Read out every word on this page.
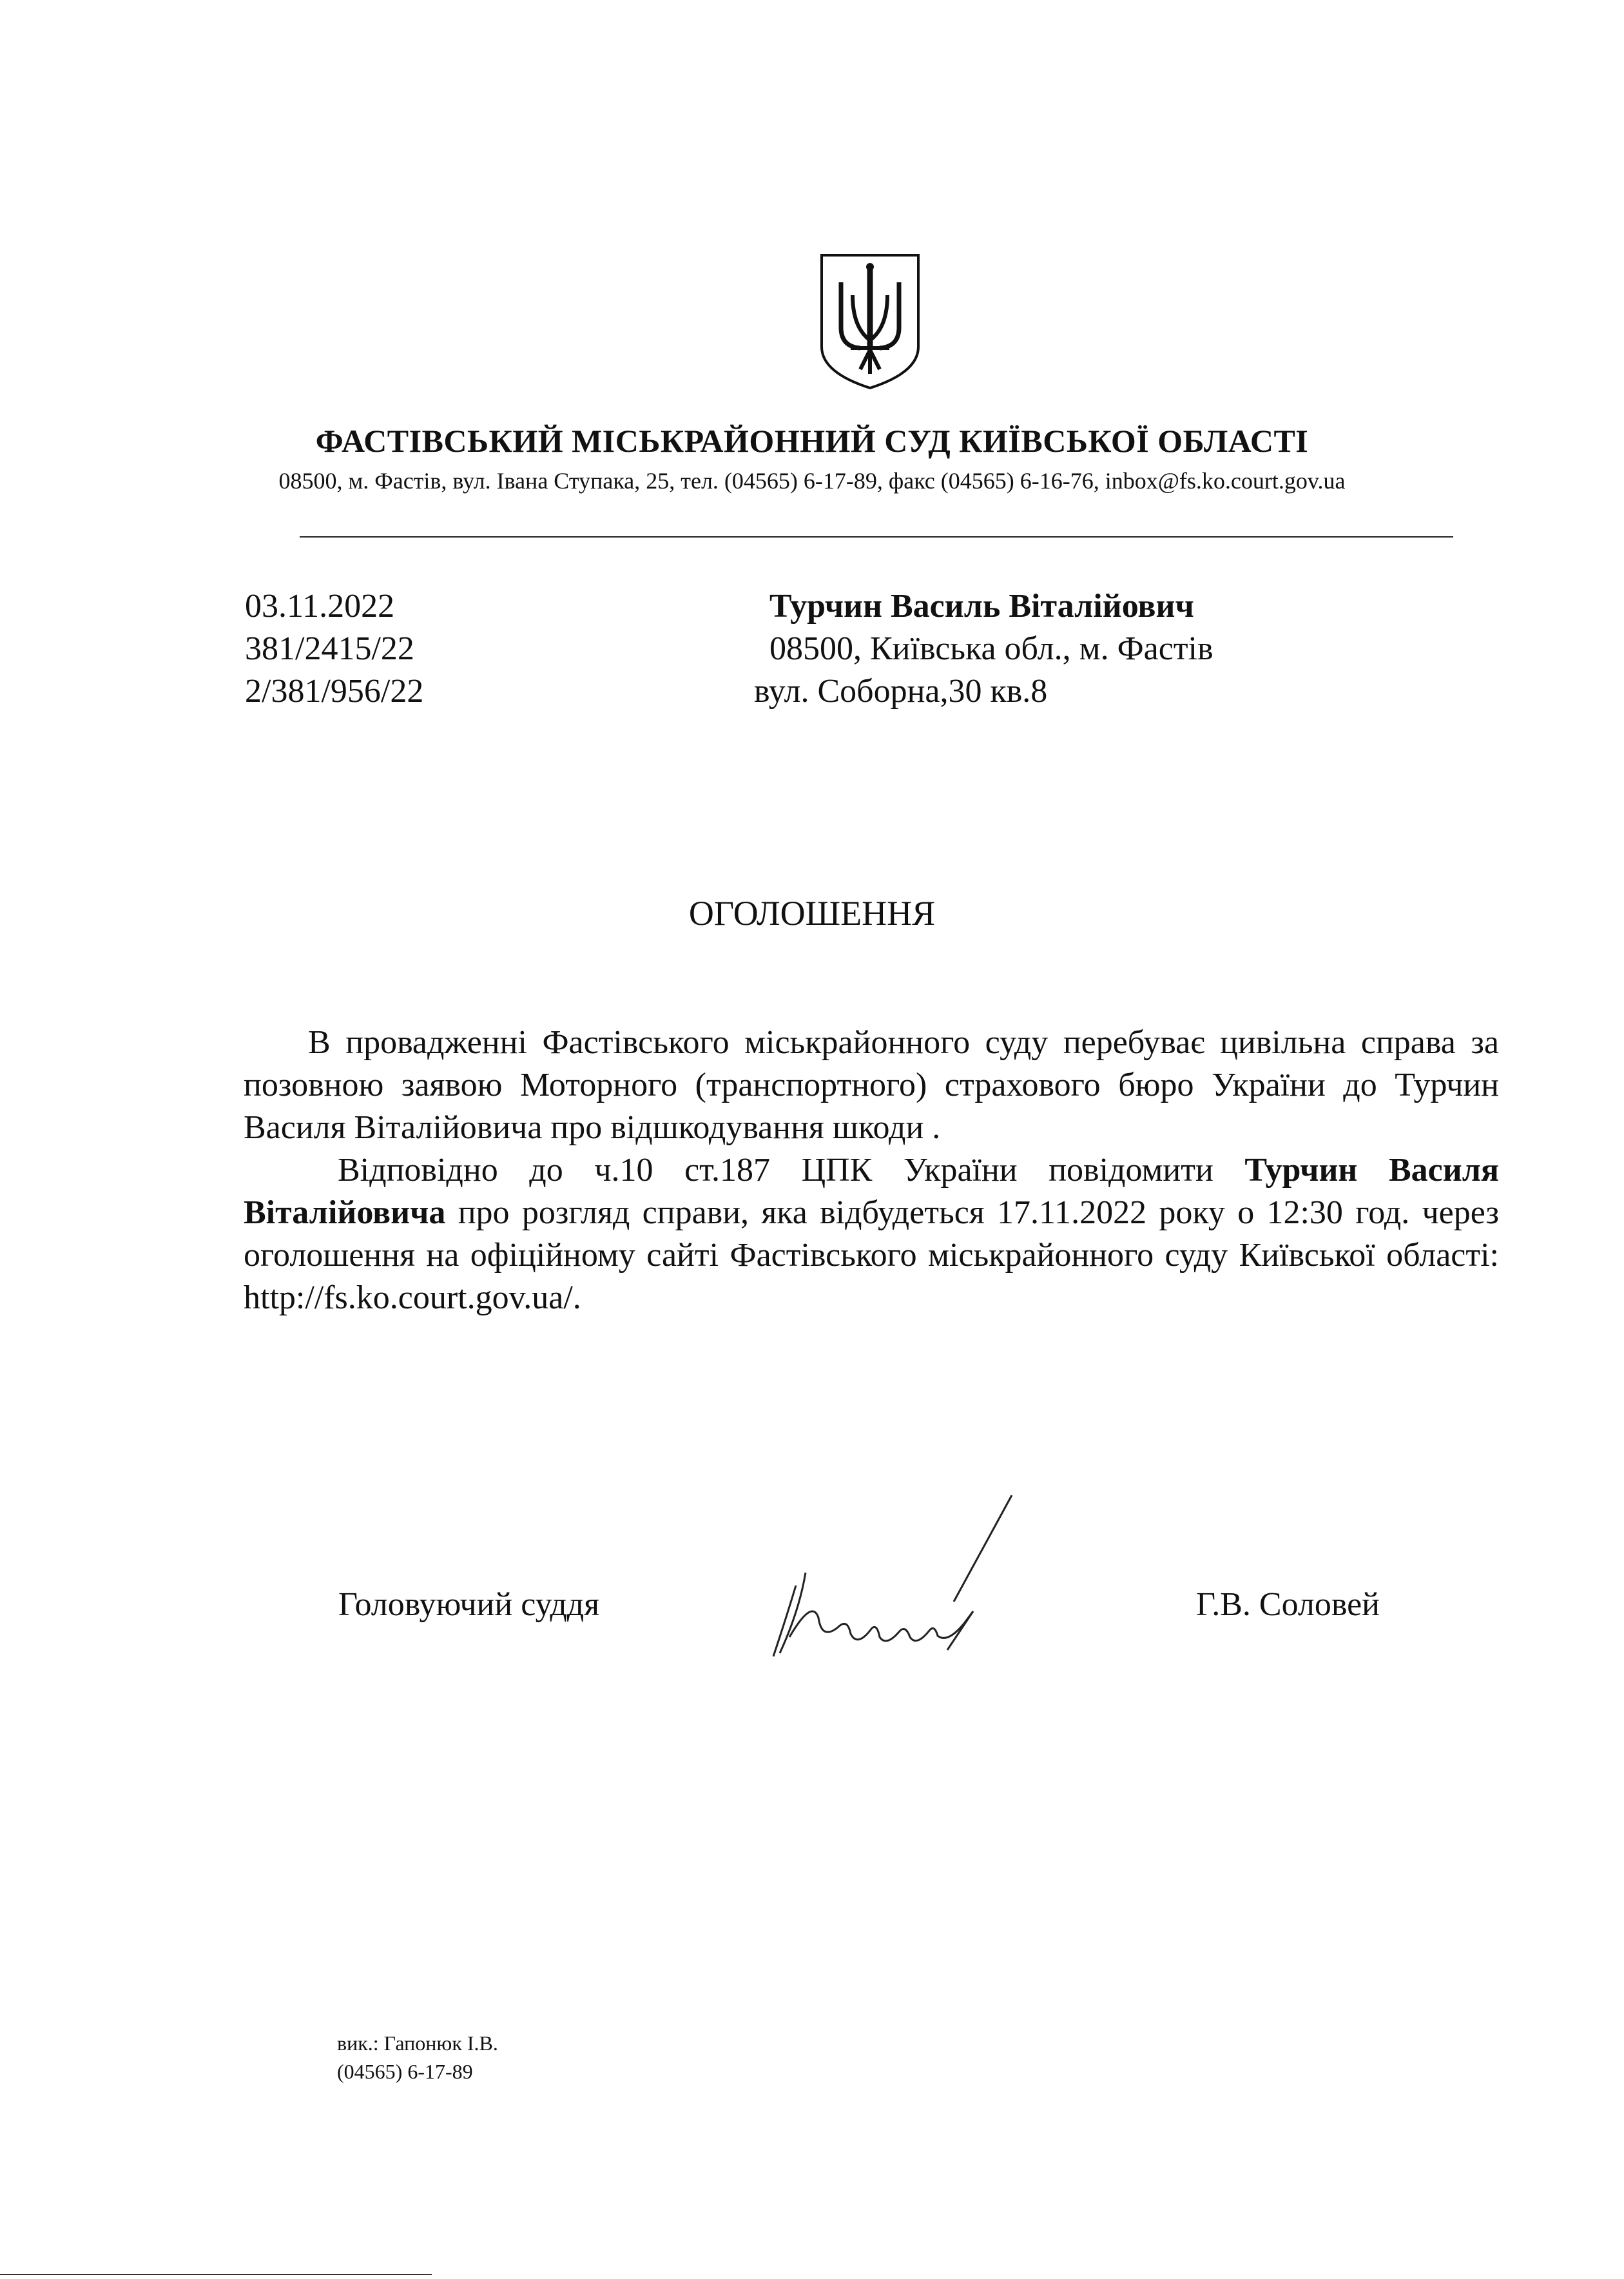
ФАСТІВСЬКИЙ МІСЬКРАЙОННИЙ СУД КИЇВСЬКОЇ ОБЛАСТІ
08500, м. Фастів, вул. Івана Ступака, 25, тел. (04565) 6-17-89, факс (04565) 6-16-76, inbox@fs.ko.court.gov.ua
03.11.2022
381/2415/22
2/381/956/22
Турчин Василь Віталійович
08500, Київська обл., м. Фастів
вул. Соборна,30 кв.8
ОГОЛОШЕННЯ

В провадженні Фастівського міськрайонного суду перебуває цивільна справа за позовною заявою Моторного (транспортного) страхового бюро України до Турчин Василя Віталійовича про відшкодування шкоди .

Відповідно до ч.10 ст.187 ЦПК України повідомити Турчин Василя Віталійовича про розгляд справи, яка відбудеться 17.11.2022 року о 12:30 год. через оголошення на офіційному сайті Фастівського міськрайонного суду Київської області: http://fs.ko.court.gov.ua/.

Головуючий суддя	Г.В. Соловей
вик.: Гапонюк І.В.
(04565) 6-17-89
